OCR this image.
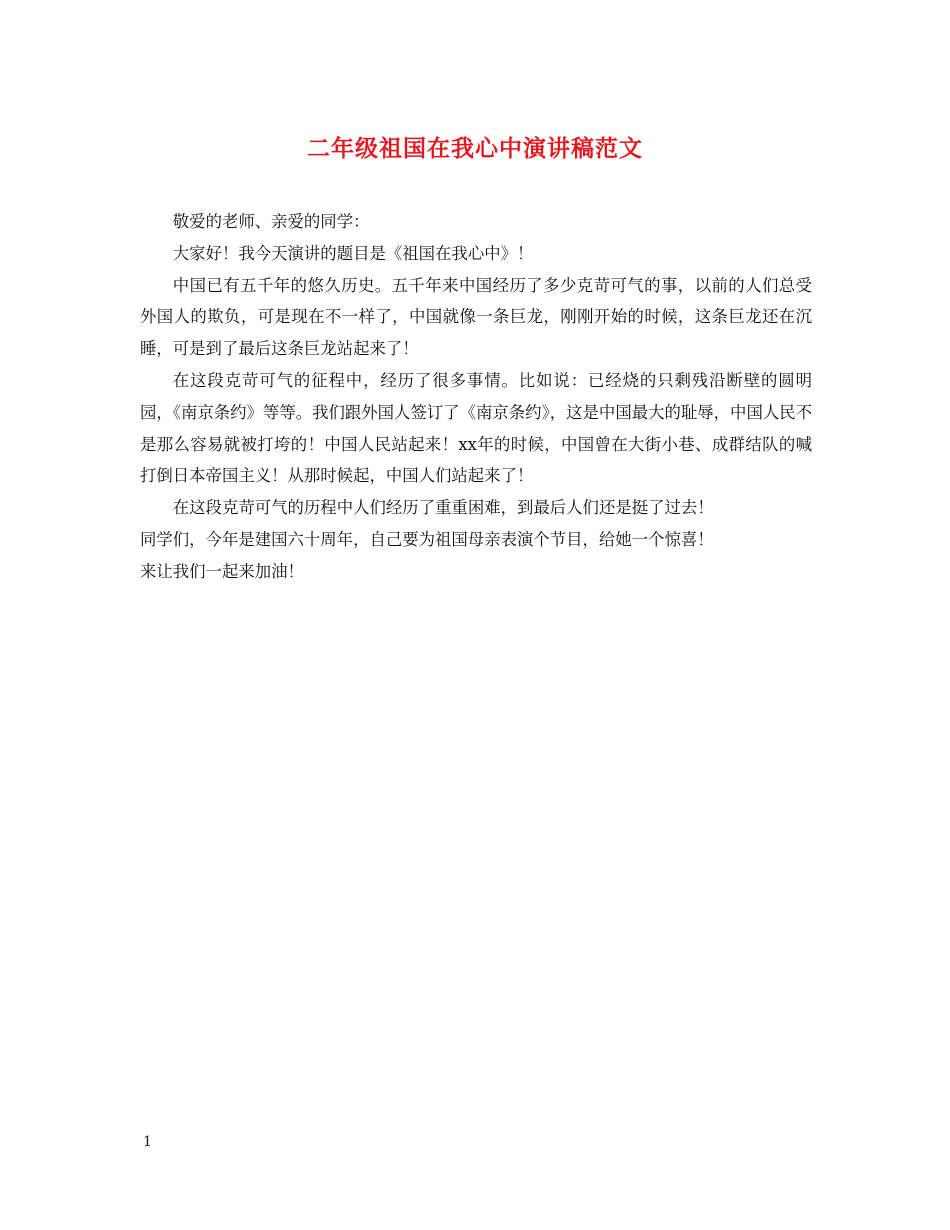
二年级祖国在我心中演讲稿范文

敬爱的老师、亲爱的同学：

大家好！我今天演讲的题目是《祖国在我心中》！

中国已有五千年的悠久历史。五千年来中国经历了多少克苛可气的事，以前的人们总受外国人的欺负，可是现在不一样了，中国就像一条巨龙，刚刚开始的时候，这条巨龙还在沉睡，可是到了最后这条巨龙站起来了！

在这段克苛可气的征程中，经历了很多事情。比如说：已经烧的只剩残沿断壁的圆明园，《南京条约》等等。我们跟外国人签订了《南京条约》，这是中国最大的耻辱，中国人民不是那么容易就被打垮的！中国人民站起来！xx年的时候，中国曾在大街小巷、成群结队的喊打倒日本帝国主义！从那时候起，中国人们站起来了！

在这段克苛可气的历程中人们经历了重重困难，到最后人们还是挺了过去！

同学们，今年是建国六十周年，自己要为祖国母亲表演个节目，给她一个惊喜！

来让我们一起来加油！

1
